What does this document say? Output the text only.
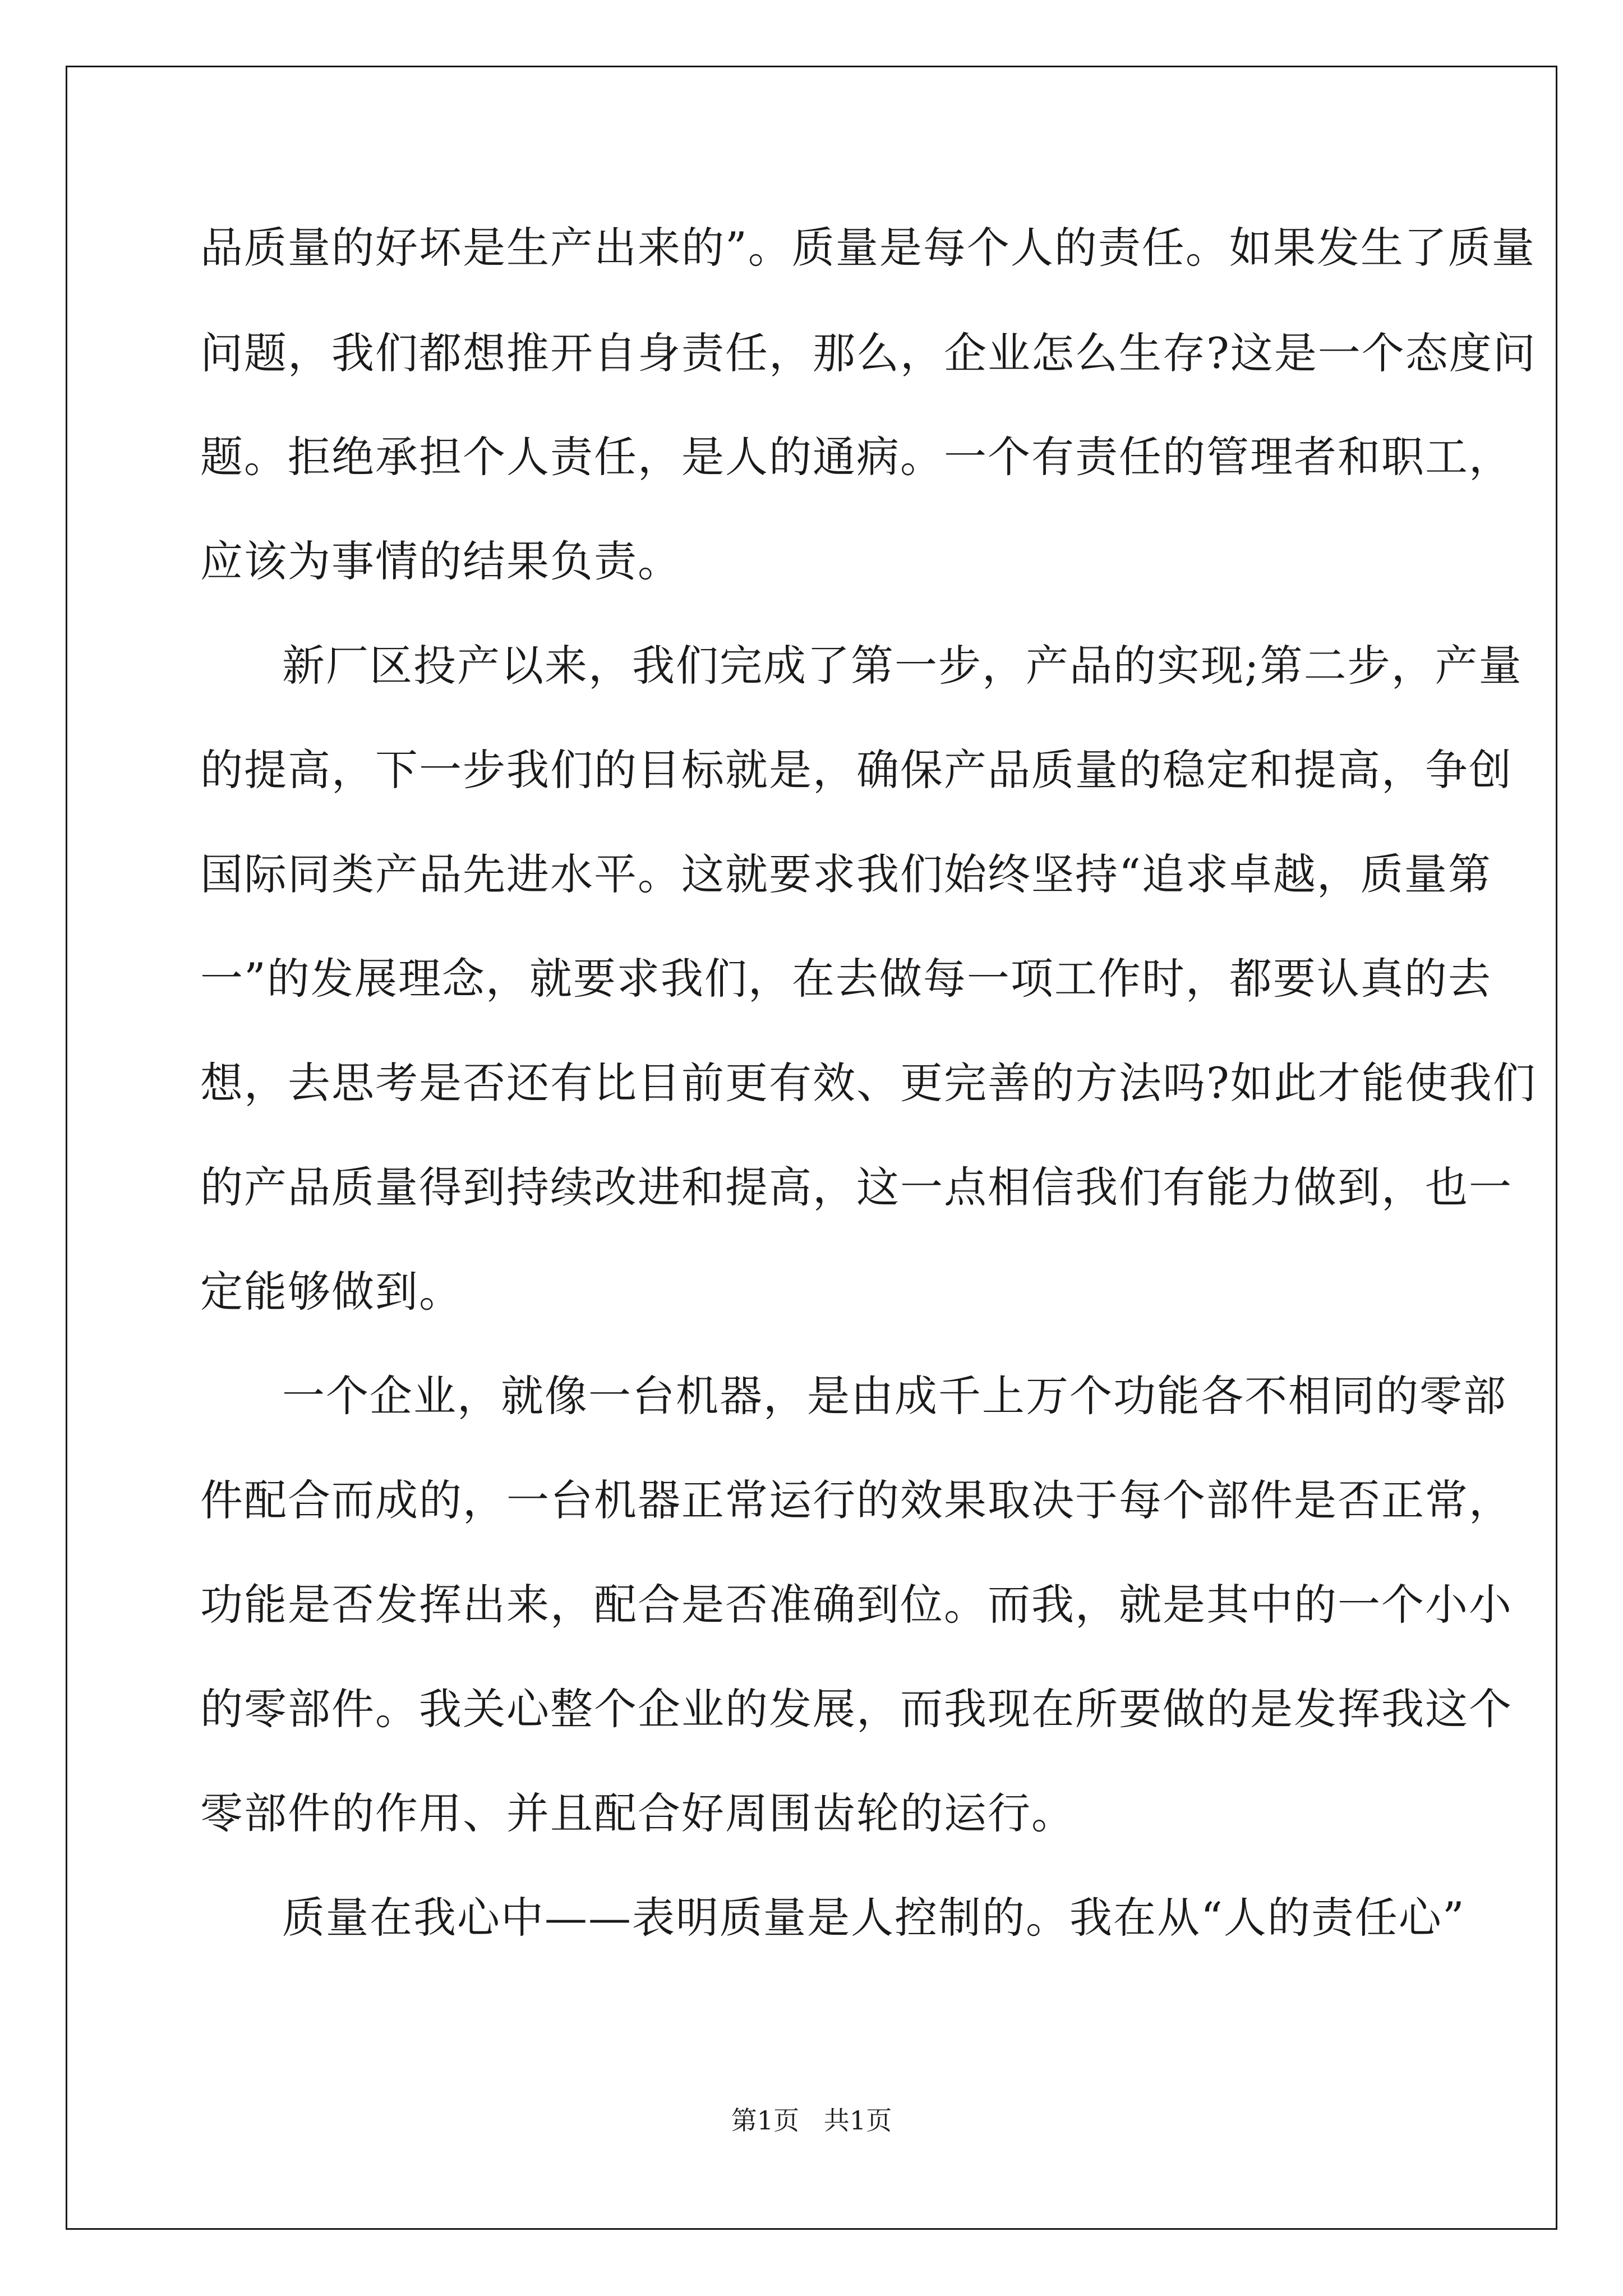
品质量的好坏是生产出来的”。质量是每个人的责任。如果发生了质量

问题，我们都想推开自身责任，那么，企业怎么生存?这是一个态度问

题。拒绝承担个人责任，是人的通病。一个有责任的管理者和职工，

应该为事情的结果负责。

新厂区投产以来，我们完成了第一步，产品的实现;第二步，产量

的提高，下一步我们的目标就是，确保产品质量的稳定和提高，争创

国际同类产品先进水平。这就要求我们始终坚持“追求卓越，质量第

一”的发展理念，就要求我们，在去做每一项工作时，都要认真的去

想，去思考是否还有比目前更有效、更完善的方法吗?如此才能使我们

的产品质量得到持续改进和提高，这一点相信我们有能力做到，也一

定能够做到。

一个企业，就像一台机器，是由成千上万个功能各不相同的零部

件配合而成的，一台机器正常运行的效果取决于每个部件是否正常，

功能是否发挥出来，配合是否准确到位。而我，就是其中的一个小小

的零部件。我关心整个企业的发展，而我现在所要做的是发挥我这个

零部件的作用、并且配合好周围齿轮的运行。

质量在我心中——表明质量是人控制的。我在从“人的责任心”

第1页   共1页
